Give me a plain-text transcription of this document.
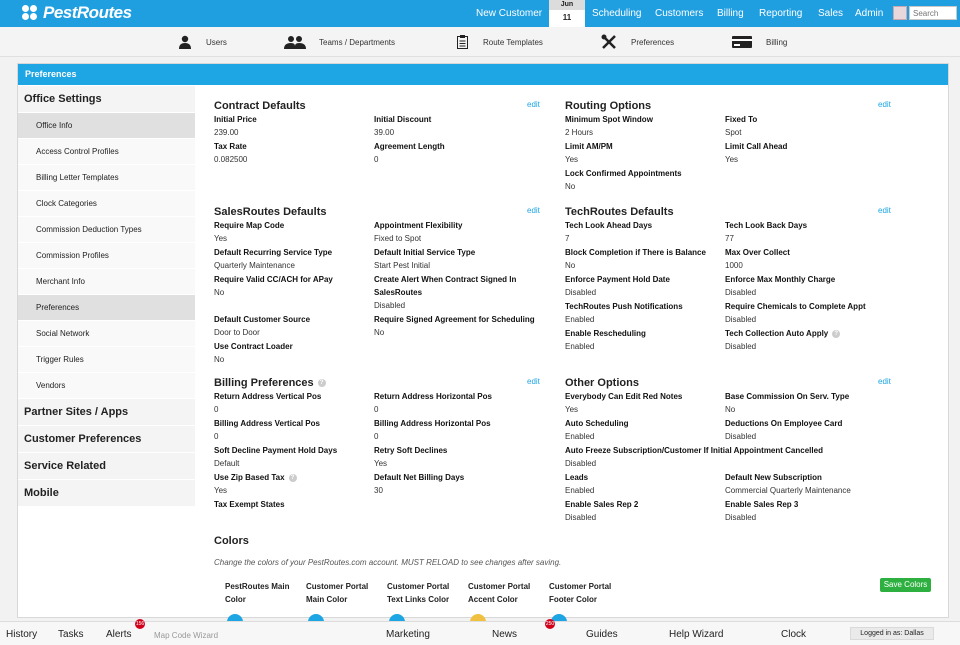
PestRoutes	New Customer
Jun
11	Scheduling Customers Billing Reporting Sales Admin
Search
Users	Teams / Departments	Route Templates	Preferences	Billing
Preferences
Office Settings
Office Info
Access Control Profiles
Billing Letter Templates
Clock Categories
Commission Deduction Types
Commission Profiles
Merchant Info
Preferences
Social Network
Trigger Rules
Vendors
Partner Sites / Apps
Customer Preferences
Service Related
Mobile
Contract Defaults	edit
Initial Price
239.00
Initial Discount
39.00
Tax Rate
0.082500
Agreement Length
0
Routing Options	edit
Minimum Spot Window
2 Hours
Fixed To
Spot
Limit AM/PM
Yes
Limit Call Ahead
Yes
Lock Confirmed Appointments
No
SalesRoutes Defaults	edit
Require Map Code
Yes
Appointment Flexibility
Fixed to Spot
Default Recurring Service Type
Quarterly Maintenance
Default Initial Service Type
Start Pest Initial
Require Valid CC/ACH for APay
No
Create Alert When Contract Signed In SalesRoutes
Disabled
Default Customer Source
Door to Door
Require Signed Agreement for Scheduling
No
Use Contract Loader
No
TechRoutes Defaults	edit
Tech Look Ahead Days
7
Tech Look Back Days
77
Block Completion if There is Balance
No
Max Over Collect
1000
Enforce Payment Hold Date
Disabled
Enforce Max Monthly Charge
Disabled
TechRoutes Push Notifications
Enabled
Require Chemicals to Complete Appt
Disabled
Enable Rescheduling
Enabled
Tech Collection Auto Apply ?
Disabled
Billing Preferences ?	edit
Return Address Vertical Pos
0
Return Address Horizontal Pos
0
Billing Address Vertical Pos
0
Billing Address Horizontal Pos
0
Soft Decline Payment Hold Days
Default
Retry Soft Declines
Yes
Use Zip Based Tax ?
Yes
Default Net Billing Days
30
Tax Exempt States
Other Options	edit
Everybody Can Edit Red Notes
Yes
Base Commission On Serv. Type
No
Auto Scheduling
Enabled
Deductions On Employee Card
Disabled
Auto Freeze Subscription/Customer If Initial Appointment Cancelled
Disabled
Leads
Enabled
Default New Subscription
Commercial Quarterly Maintenance
Enable Sales Rep 2
Disabled
Enable Sales Rep 3
Disabled
Colors
Change the colors of your PestRoutes.com account. MUST RELOAD to see changes after saving.
PestRoutes Main Color
Customer Portal Main Color
Customer Portal Text Links Color
Customer Portal Accent Color
Customer Portal Footer Color
Save Colors
History Tasks Alerts
156
Map Code Wizard	Marketing	News
250
Guides	Help Wizard	Clock	Logged in as: Dallas
